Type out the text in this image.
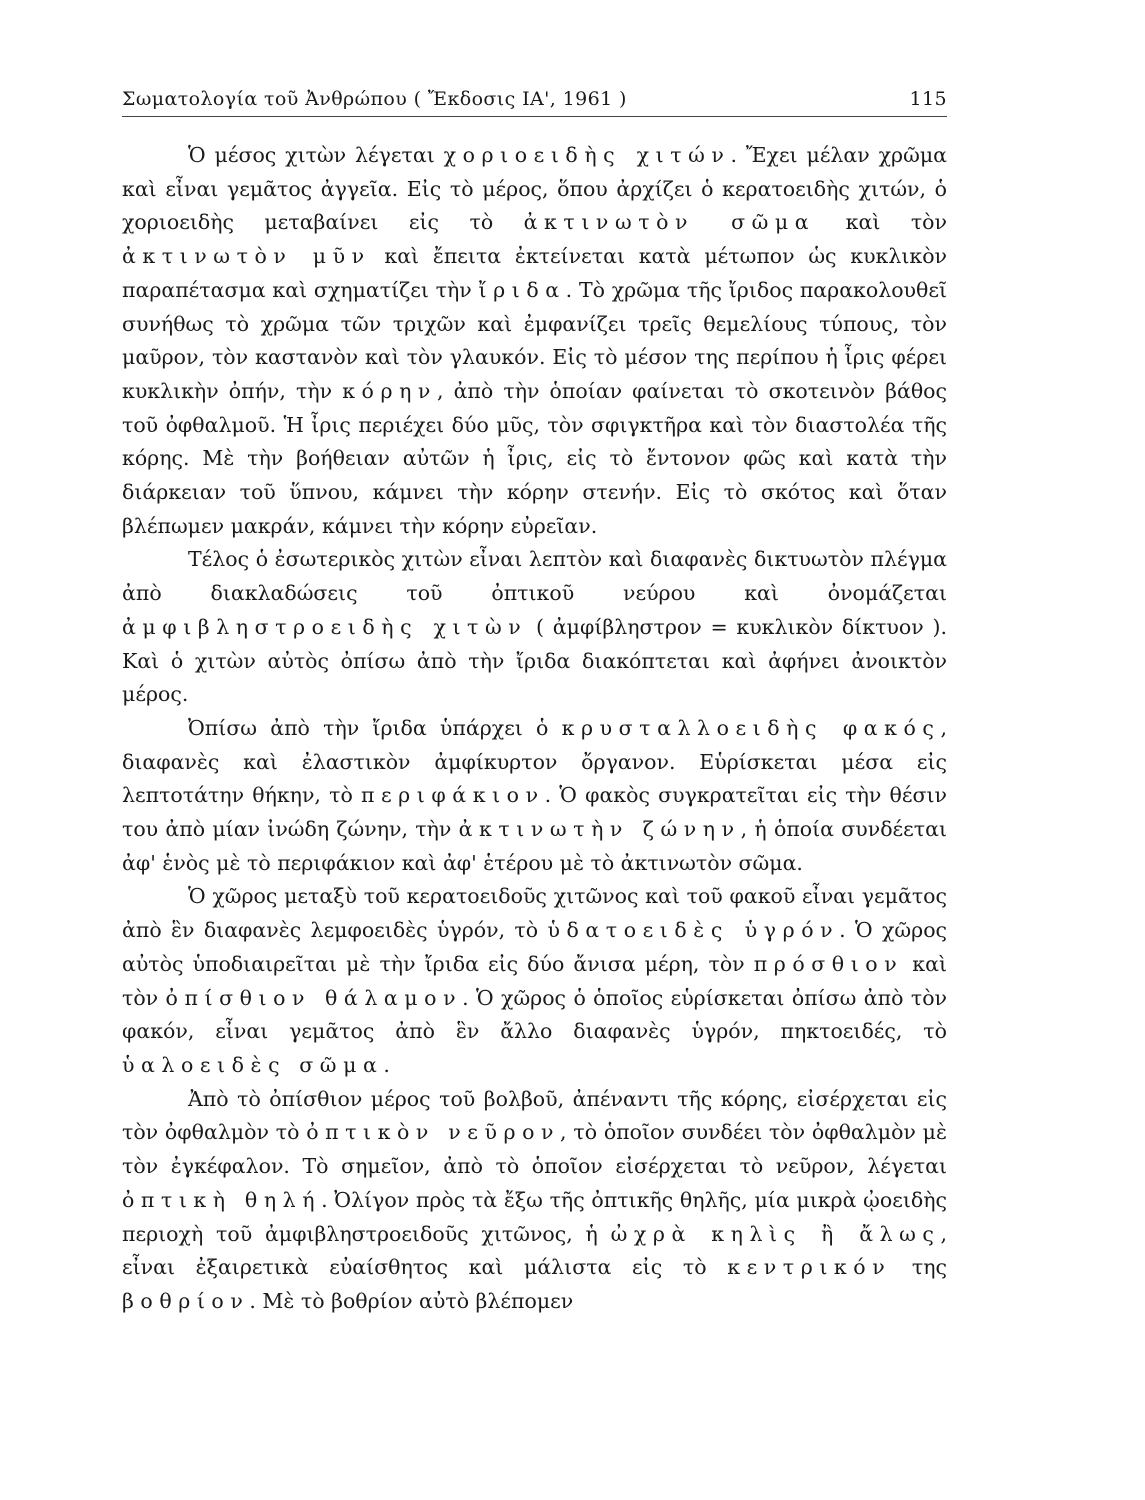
Σωματολογία τοῦ Ἀνθρώπου ( Ἔκδοσις ΙΑ', 1961 )	115

Ὁ μέσος χιτὼν λέγεται χοριοειδὴς χιτών. Ἔχει μέλαν χρῶμα καὶ εἶναι γεμᾶτος ἀγγεῖα. Εἰς τὸ μέρος, ὅπου ἀρχίζει ὁ κερατοειδὴς χιτών, ὁ χοριοειδὴς μεταβαίνει εἰς τὸ ἀκτινωτὸν σῶμα καὶ τὸν ἀκτινωτὸν μῦν καὶ ἔπειτα ἐκτείνεται κατὰ μέτωπον ὡς κυκλικὸν παραπέτασμα καὶ σχηματίζει τὴν ἴριδα. Τὸ χρῶμα τῆς ἴριδος παρακολουθεῖ συνήθως τὸ χρῶμα τῶν τριχῶν καὶ ἐμφανίζει τρεῖς θεμελίους τύπους, τὸν μαῦρον, τὸν καστανὸν καὶ τὸν γλαυκόν. Εἰς τὸ μέσον της περίπου ἡ ἶρις φέρει κυκλικὴν ὀπήν, τὴν κόρην, ἀπὸ τὴν ὁποίαν φαίνεται τὸ σκοτεινὸν βάθος τοῦ ὀφθαλμοῦ. Ἡ ἶρις περιέχει δύο μῦς, τὸν σφιγκτῆρα καὶ τὸν διαστολέα τῆς κόρης. Μὲ τὴν βοήθειαν αὐτῶν ἡ ἶρις, εἰς τὸ ἔντονον φῶς καὶ κατὰ τὴν διάρκειαν τοῦ ὕπνου, κάμνει τὴν κόρην στενήν. Εἰς τὸ σκότος καὶ ὅταν βλέπωμεν μακράν, κάμνει τὴν κόρην εὐρεῖαν.

Τέλος ὁ ἐσωτερικὸς χιτὼν εἶναι λεπτὸν καὶ διαφανὲς δικτυωτὸν πλέγμα ἀπὸ διακλαδώσεις τοῦ ὀπτικοῦ νεύρου καὶ ὀνομάζεται ἀμφιβληστροειδὴς χιτὼν ( ἀμφίβληστρον = κυκλικὸν δίκτυον ). Καὶ ὁ χιτὼν αὐτὸς ὀπίσω ἀπὸ τὴν ἴριδα διακόπτεται καὶ ἀφήνει ἀνοικτὸν μέρος.

Ὀπίσω ἀπὸ τὴν ἴριδα ὑπάρχει ὁ κρυσταλλοειδὴς φακός, διαφανὲς καὶ ἐλαστικὸν ἀμφίκυρτον ὄργανον. Εὑρίσκεται μέσα εἰς λεπτοτάτην θήκην, τὸ περιφάκιον. Ὁ φακὸς συγκρατεῖται εἰς τὴν θέσιν του ἀπὸ μίαν ἰνώδη ζώνην, τὴν ἀκτινωτὴν ζώνην, ἡ ὁποία συνδέεται ἀφ' ἑνὸς μὲ τὸ περιφάκιον καὶ ἀφ' ἑτέρου μὲ τὸ ἀκτινωτὸν σῶμα.

Ὁ χῶρος μεταξὺ τοῦ κερατοειδοῦς χιτῶνος καὶ τοῦ φακοῦ εἶναι γεμᾶτος ἀπὸ ἓν διαφανὲς λεμφοειδὲς ὑγρόν, τὸ ὑδατοειδὲς ὑγρόν. Ὁ χῶρος αὐτὸς ὑποδιαιρεῖται μὲ τὴν ἴριδα εἰς δύο ἄνισα μέρη, τὸν πρόσθιον καὶ τὸν ὀπίσθιον θάλαμον. Ὁ χῶρος ὁ ὁποῖος εὑρίσκεται ὀπίσω ἀπὸ τὸν φακόν, εἶναι γεμᾶτος ἀπὸ ἓν ἄλλο διαφανὲς ὑγρόν, πηκτοειδές, τὸ ὑαλοειδὲς σῶμα.

Ἀπὸ τὸ ὀπίσθιον μέρος τοῦ βολβοῦ, ἀπέναντι τῆς κόρης, εἰσέρχεται εἰς τὸν ὀφθαλμὸν τὸ ὀπτικὸν νεῦρον, τὸ ὁποῖον συνδέει τὸν ὀφθαλμὸν μὲ τὸν ἐγκέφαλον. Τὸ σημεῖον, ἀπὸ τὸ ὁποῖον εἰσέρχεται τὸ νεῦρον, λέγεται ὀπτικὴ θηλή. Ὀλίγον πρὸς τὰ ἔξω τῆς ὀπτικῆς θηλῆς, μία μικρὰ ᾠοειδὴς περιοχὴ τοῦ ἀμφιβληστροειδοῦς χιτῶνος, ἡ ὠχρὰ κηλὶς ἢ ἄλως, εἶναι ἐξαιρετικὰ εὐαίσθητος καὶ μάλιστα εἰς τὸ κεντρικόν της βοθρίον. Μὲ τὸ βοθρίον αὐτὸ βλέπομεν
